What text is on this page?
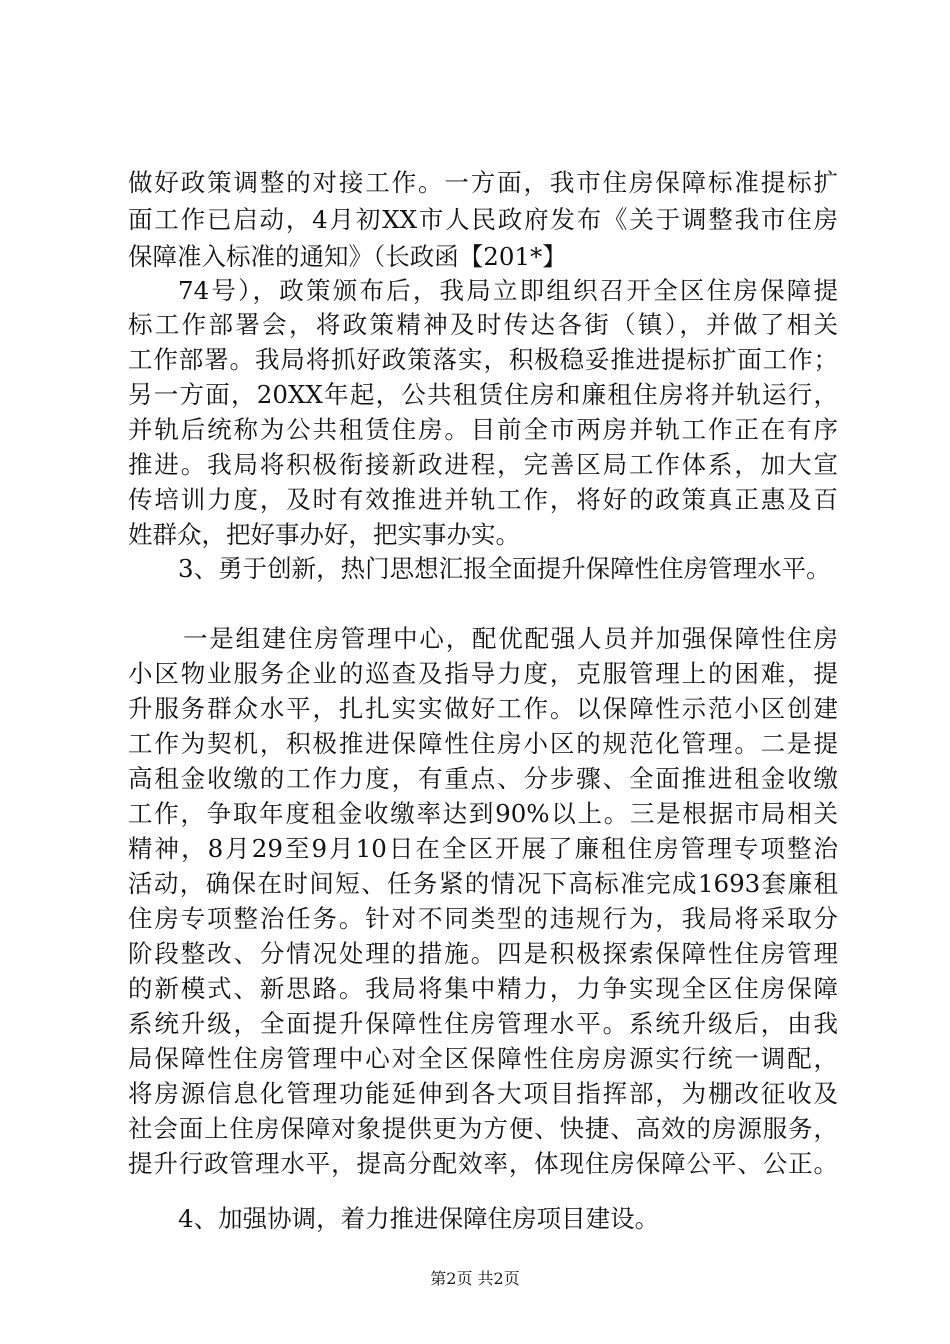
做好政策调整的对接工作。一方面，我市住房保障标准提标扩
面工作已启动，4月初XX市人民政府发布《关于调整我市住房
保障准入标准的通知》（长政函【201*】
74号），政策颁布后，我局立即组织召开全区住房保障提
标工作部署会，将政策精神及时传达各街（镇），并做了相关
工作部署。我局将抓好政策落实，积极稳妥推进提标扩面工作；
另一方面，20XX年起，公共租赁住房和廉租住房将并轨运行，
并轨后统称为公共租赁住房。目前全市两房并轨工作正在有序
推进。我局将积极衔接新政进程，完善区局工作体系，加大宣
传培训力度，及时有效推进并轨工作，将好的政策真正惠及百
姓群众，把好事办好，把实事办实。
3、勇于创新，热门思想汇报全面提升保障性住房管理水平。
一是组建住房管理中心，配优配强人员并加强保障性住房
小区物业服务企业的巡查及指导力度，克服管理上的困难，提
升服务群众水平，扎扎实实做好工作。以保障性示范小区创建
工作为契机，积极推进保障性住房小区的规范化管理。二是提
高租金收缴的工作力度，有重点、分步骤、全面推进租金收缴
工作，争取年度租金收缴率达到90%以上。三是根据市局相关
精神，8月29至9月10日在全区开展了廉租住房管理专项整治
活动，确保在时间短、任务紧的情况下高标准完成1693套廉租
住房专项整治任务。针对不同类型的违规行为，我局将采取分
阶段整改、分情况处理的措施。四是积极探索保障性住房管理
的新模式、新思路。我局将集中精力，力争实现全区住房保障
系统升级，全面提升保障性住房管理水平。系统升级后，由我
局保障性住房管理中心对全区保障性住房房源实行统一调配，
将房源信息化管理功能延伸到各大项目指挥部，为棚改征收及
社会面上住房保障对象提供更为方便、快捷、高效的房源服务，
提升行政管理水平，提高分配效率，体现住房保障公平、公正。
4、加强协调，着力推进保障住房项目建设。
第2页 共2页
